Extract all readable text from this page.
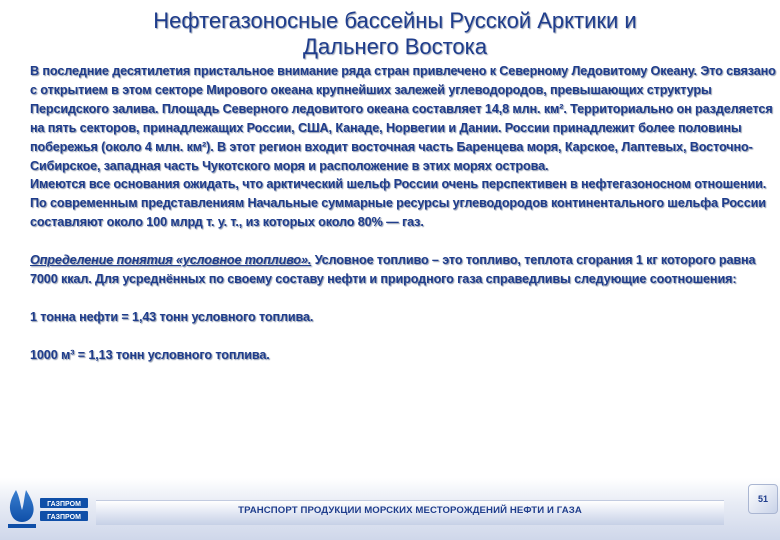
Нефтегазоносные бассейны Русской Арктики и
Дальнего Востока

В последние десятилетия пристальное внимание ряда стран привлечено к Северному Ледовитому Океану. Это связано с открытием в этом секторе Мирового океана крупнейших залежей углеводородов, превышающих структуры Персидского залива. Площадь Северного ледовитого океана составляет 14,8 млн. км². Территориально он разделяется на пять секторов, принадлежащих России, США, Канаде, Норвегии и Дании. России принадлежит более половины побережья (около 4 млн. км²). В этот регион входит восточная часть Баренцева моря, Карское, Лаптевых, Восточно-Сибирское, западная часть Чукотского моря и расположение в этих морях острова.

Имеются все основания ожидать, что арктический шельф России очень перспективен в нефтегазоносном отношении. По современным представлениям Начальные суммарные ресурсы углеводородов континентального шельфа России составляют около 100 млрд т. у. т., из которых около 80% — газ.

Определение понятия «условное топливо». Условное топливо – это топливо, теплота сгорания 1 кг которого равна 7000 ккал. Для усреднённых по своему составу нефти и природного газа справедливы следующие соотношения:

1 тонна нефти = 1,43 тонн условного топлива.

1000 м³ = 1,13 тонн условного топлива.

ГАЗПРОМ
ГАЗПРОМ
ТРАНСПОРТ ПРОДУКЦИИ МОРСКИХ МЕСТОРОЖДЕНИЙ НЕФТИ И ГАЗА
51
